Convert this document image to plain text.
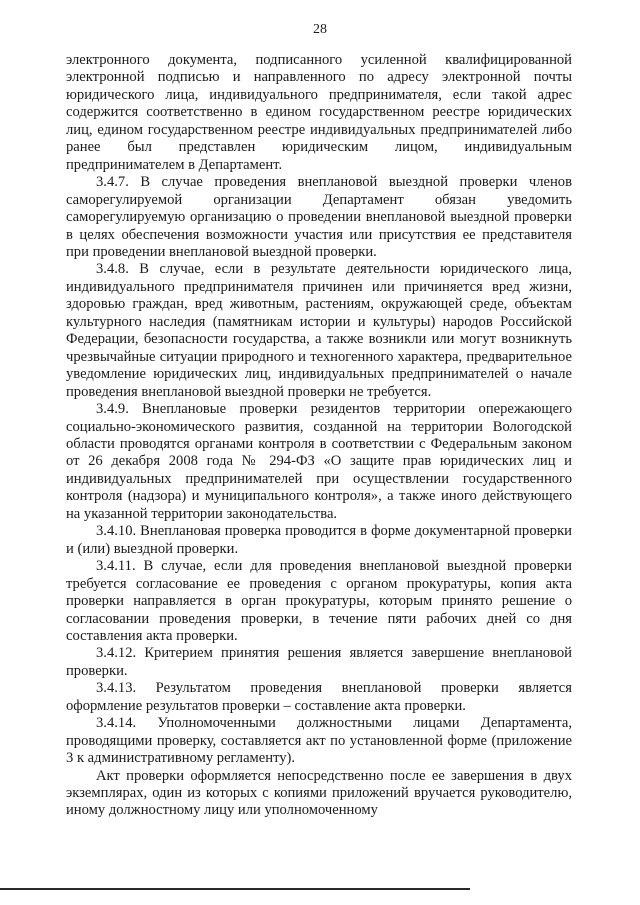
28

электронного документа, подписанного усиленной квалифицированной электронной подписью и направленного по адресу электронной почты юридического лица, индивидуального предпринимателя, если такой адрес содержится соответственно в едином государственном реестре юридических лиц, едином государственном реестре индивидуальных предпринимателей либо ранее был представлен юридическим лицом, индивидуальным предпринимателем в Департамент.

3.4.7. В случае проведения внеплановой выездной проверки членов саморегулируемой организации Департамент обязан уведомить саморегулируемую организацию о проведении внеплановой выездной проверки в целях обеспечения возможности участия или присутствия ее представителя при проведении внеплановой выездной проверки.

3.4.8. В случае, если в результате деятельности юридического лица, индивидуального предпринимателя причинен или причиняется вред жизни, здоровью граждан, вред животным, растениям, окружающей среде, объектам культурного наследия (памятникам истории и культуры) народов Российской Федерации, безопасности государства, а также возникли или могут возникнуть чрезвычайные ситуации природного и техногенного характера, предварительное уведомление юридических лиц, индивидуальных предпринимателей о начале проведения внеплановой выездной проверки не требуется.

3.4.9. Внеплановые проверки резидентов территории опережающего социально-экономического развития, созданной на территории Вологодской области проводятся органами контроля в соответствии с Федеральным законом от 26 декабря 2008 года № 294-ФЗ «О защите прав юридических лиц и индивидуальных предпринимателей при осуществлении государственного контроля (надзора) и муниципального контроля», а также иного действующего на указанной территории законодательства.

3.4.10. Внеплановая проверка проводится в форме документарной проверки и (или) выездной проверки.

3.4.11. В случае, если для проведения внеплановой выездной проверки требуется согласование ее проведения с органом прокуратуры, копия акта проверки направляется в орган прокуратуры, которым принято решение о согласовании проведения проверки, в течение пяти рабочих дней со дня составления акта проверки.

3.4.12. Критерием принятия решения является завершение внеплановой проверки.

3.4.13. Результатом проведения внеплановой проверки является оформление результатов проверки – составление акта проверки.

3.4.14. Уполномоченными должностными лицами Департамента, проводящими проверку, составляется акт по установленной форме (приложение 3 к административному регламенту).

Акт проверки оформляется непосредственно после ее завершения в двух экземплярах, один из которых с копиями приложений вручается руководителю, иному должностному лицу или уполномоченному
